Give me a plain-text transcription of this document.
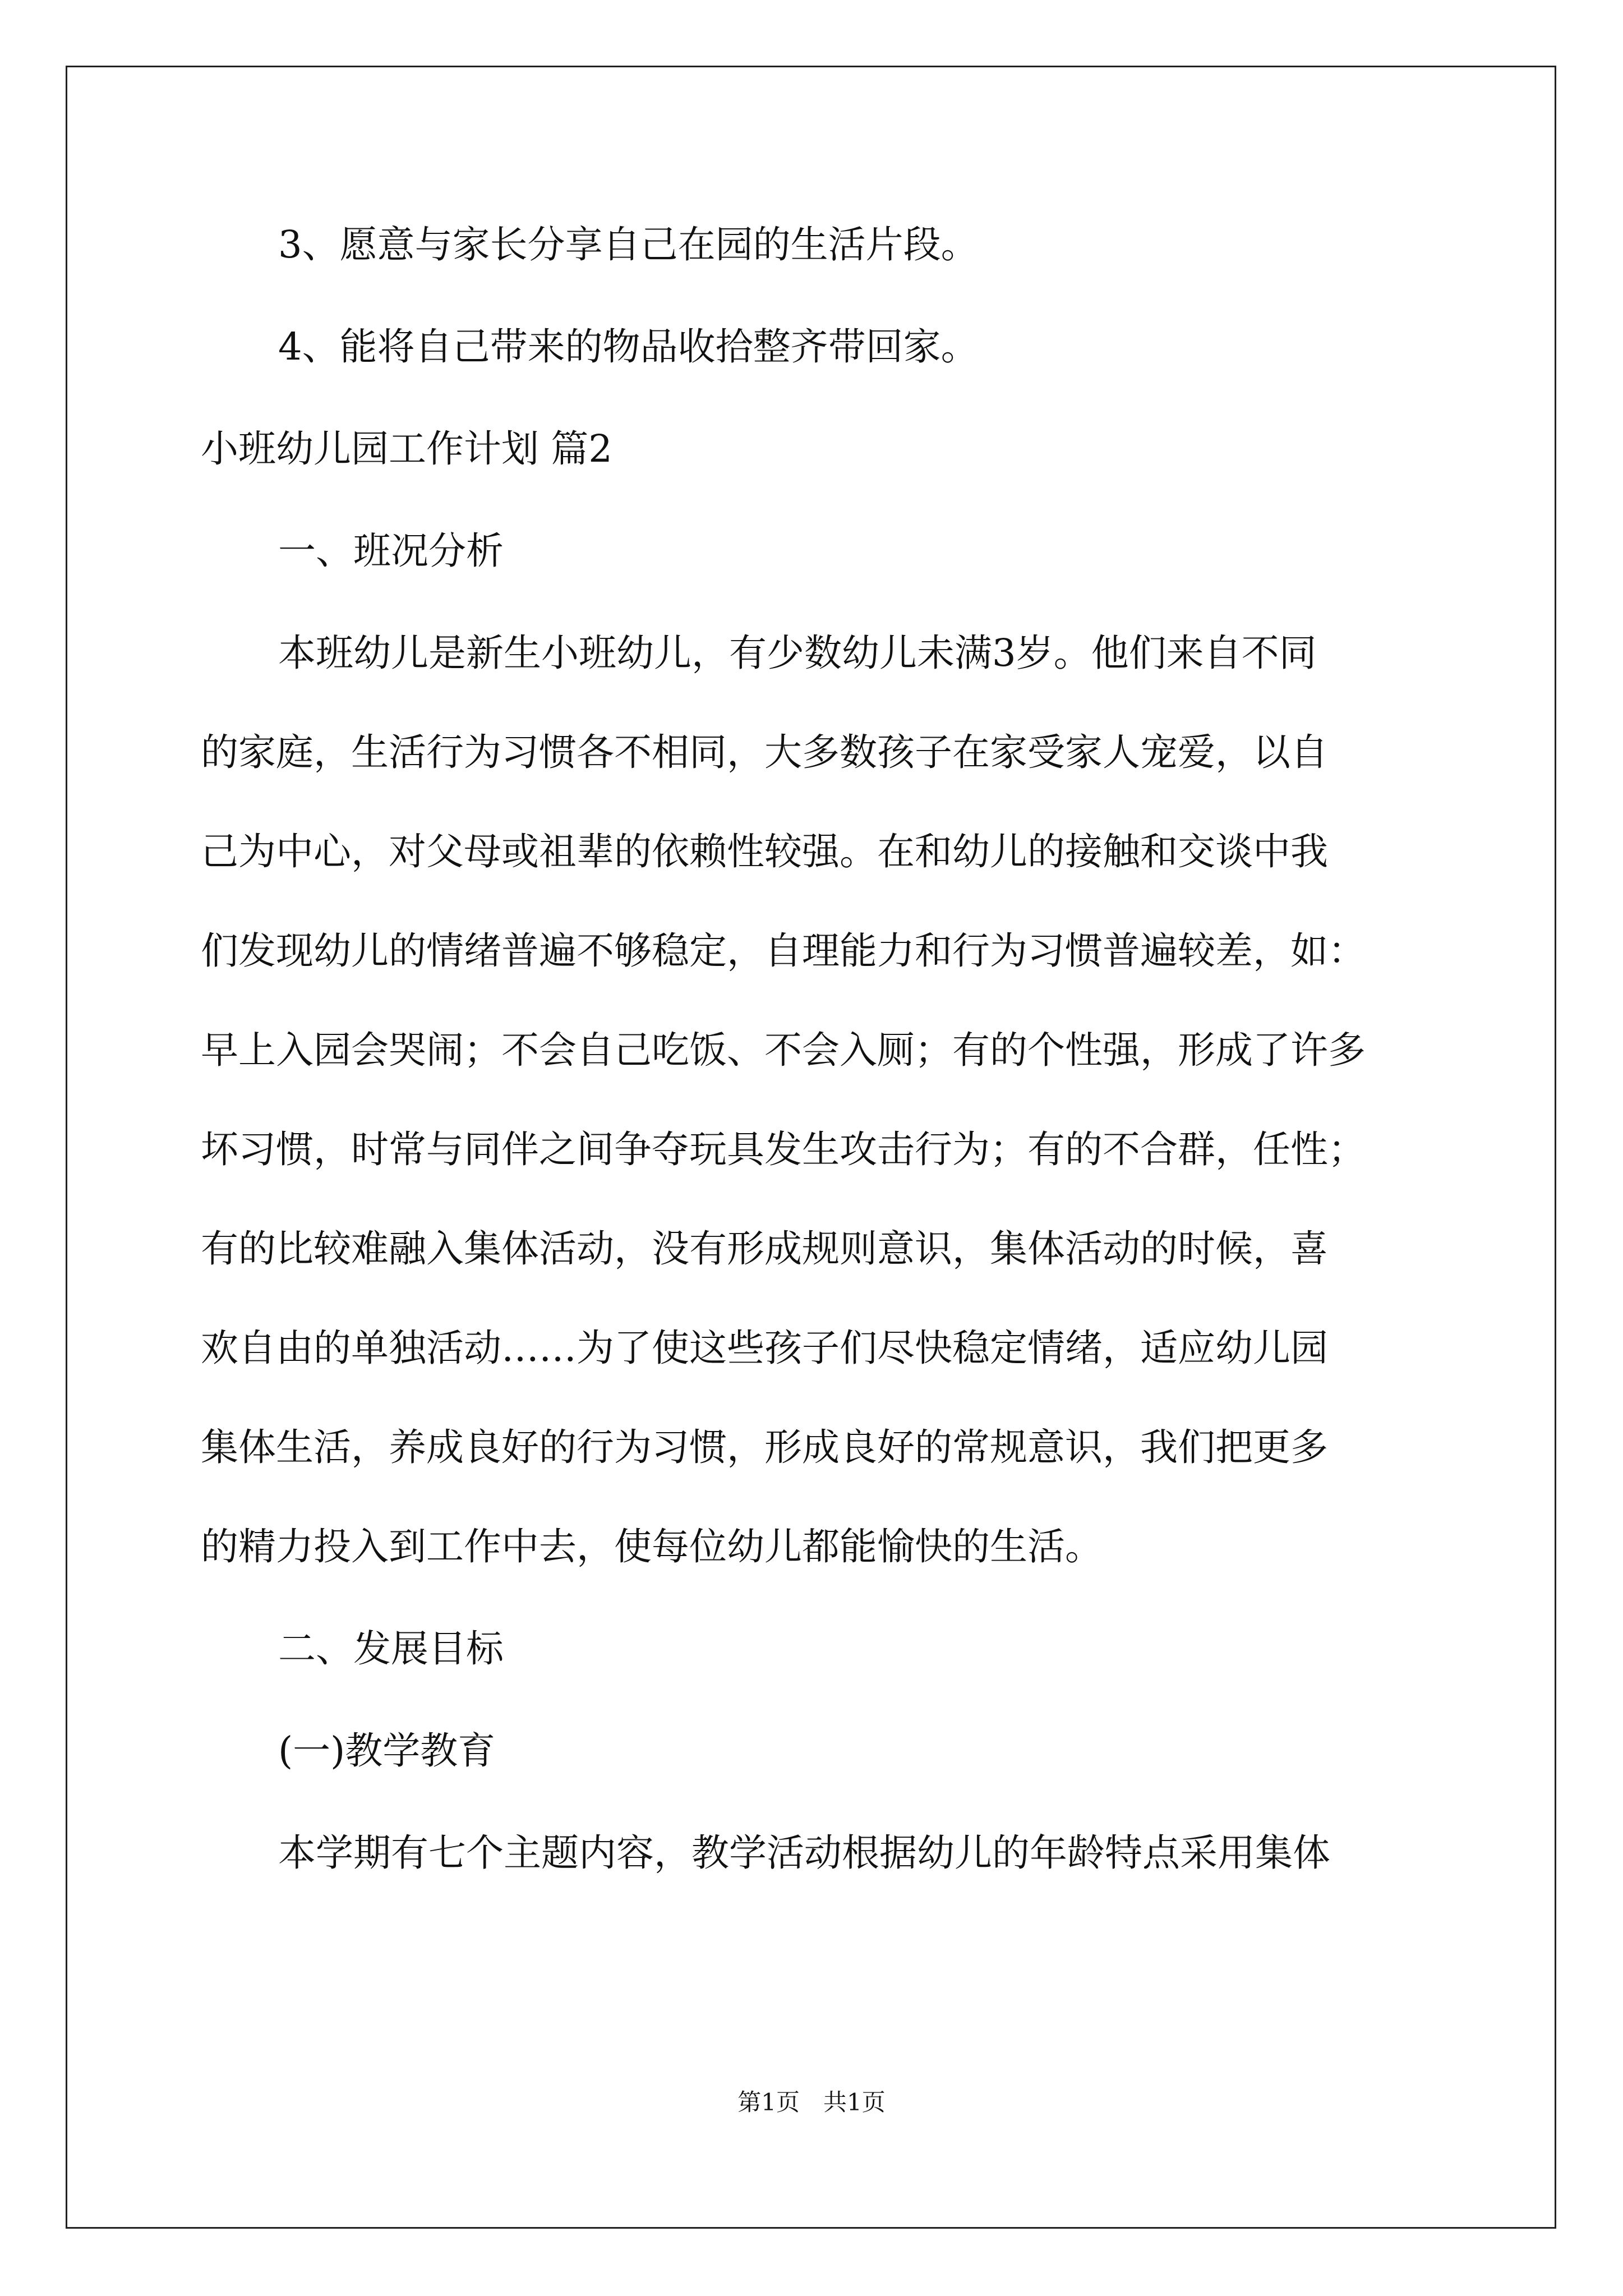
3、愿意与家长分享自己在园的生活片段。

4、能将自己带来的物品收拾整齐带回家。

小班幼儿园工作计划 篇2

一、班况分析

本班幼儿是新生小班幼儿，有少数幼儿未满3岁。他们来自不同

的家庭，生活行为习惯各不相同，大多数孩子在家受家人宠爱，以自

己为中心，对父母或祖辈的依赖性较强。在和幼儿的接触和交谈中我

们发现幼儿的情绪普遍不够稳定，自理能力和行为习惯普遍较差，如：

早上入园会哭闹；不会自己吃饭、不会入厕；有的个性强，形成了许多

坏习惯，时常与同伴之间争夺玩具发生攻击行为；有的不合群，任性；

有的比较难融入集体活动，没有形成规则意识，集体活动的时候，喜

欢自由的单独活动……为了使这些孩子们尽快稳定情绪，适应幼儿园

集体生活，养成良好的行为习惯，形成良好的常规意识，我们把更多

的精力投入到工作中去，使每位幼儿都能愉快的生活。

二、发展目标

(一)教学教育

本学期有七个主题内容，教学活动根据幼儿的年龄特点采用集体

第1页　共1页
